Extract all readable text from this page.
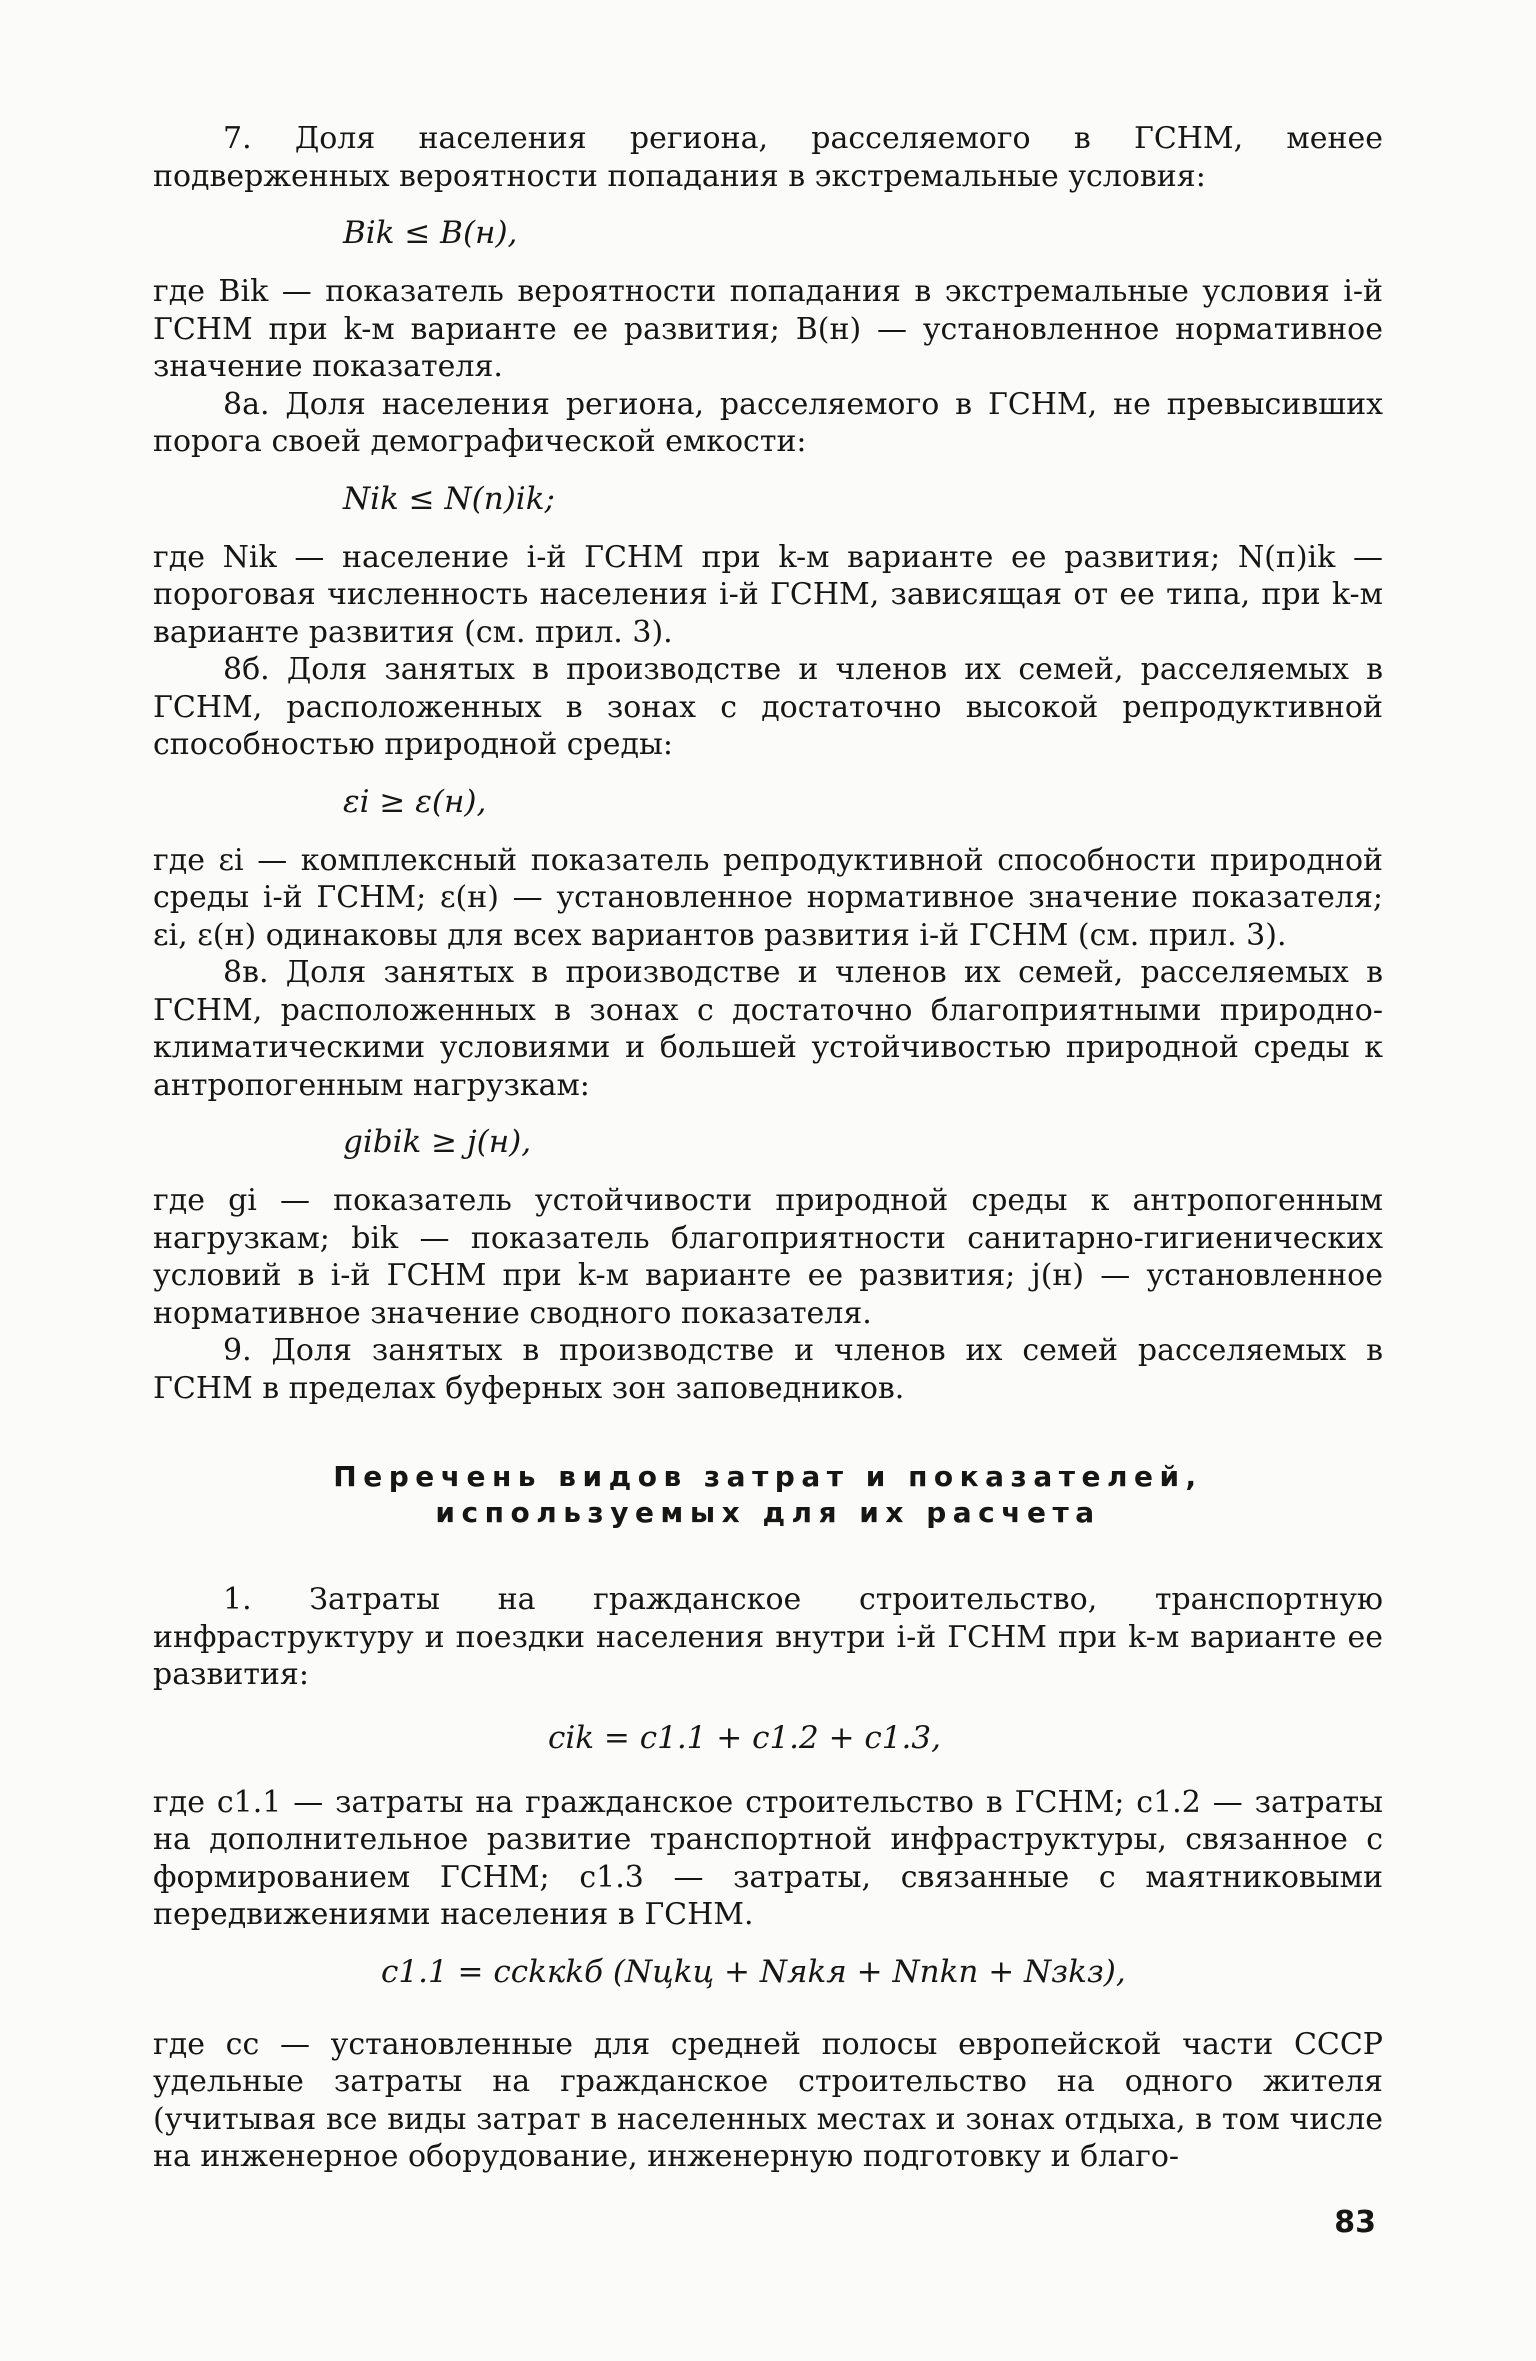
7. Доля населения региона, расселяемого в ГСНМ, менее подверженных вероятности попадания в экстремальные условия:

Bik ≤ B(н),

где Bik — показатель вероятности попадания в экстремальные условия i-й ГСНМ при k-м варианте ее развития; B(н) — установленное нормативное значение показателя.

8а. Доля населения региона, расселяемого в ГСНМ, не превысивших порога своей демографической емкости:

Nik ≤ N(п)ik;

где Nik — население i-й ГСНМ при k-м варианте ее развития; N(п)ik — пороговая численность населения i-й ГСНМ, зависящая от ее типа, при k-м варианте развития (см. прил. 3).

8б. Доля занятых в производстве и членов их семей, расселяемых в ГСНМ, расположенных в зонах с достаточно высокой репродуктивной способностью природной среды:

εi ≥ ε(н),

где εi — комплексный показатель репродуктивной способности природной среды i-й ГСНМ; ε(н) — установленное нормативное значение показателя; εi, ε(н) одинаковы для всех вариантов развития i-й ГСНМ (см. прил. 3).

8в. Доля занятых в производстве и членов их семей, расселяемых в ГСНМ, расположенных в зонах с достаточно благоприятными природно-климатическими условиями и большей устойчивостью природной среды к антропогенным нагрузкам:

gibik ≥ j(н),

где gi — показатель устойчивости природной среды к антропогенным нагрузкам; bik — показатель благоприятности санитарно-гигиенических условий в i-й ГСНМ при k-м варианте ее развития; j(н) — установленное нормативное значение сводного показателя.

9. Доля занятых в производстве и членов их семей расселяемых в ГСНМ в пределах буферных зон заповедников.

Перечень видов затрат и показателей,
используемых для их расчета

1. Затраты на гражданское строительство, транспортную инфраструктуру и поездки населения внутри i-й ГСНМ при k-м варианте ее развития:

cik = c1.1 + c1.2 + c1.3,

где c1.1 — затраты на гражданское строительство в ГСНМ; c1.2 — затраты на дополнительное развитие транспортной инфраструктуры, связанное с формированием ГСНМ; c1.3 — затраты, связанные с маятниковыми передвижениями населения в ГСНМ.

c1.1 = cckкkб (Nцkц + Nяkя + Nпkп + Nзkз),

где cc — установленные для средней полосы европейской части СССР удельные затраты на гражданское строительство на одного жителя (учитывая все виды затрат в населенных местах и зонах отдыха, в том числе на инженерное оборудование, инженерную подготовку и благо-

83
